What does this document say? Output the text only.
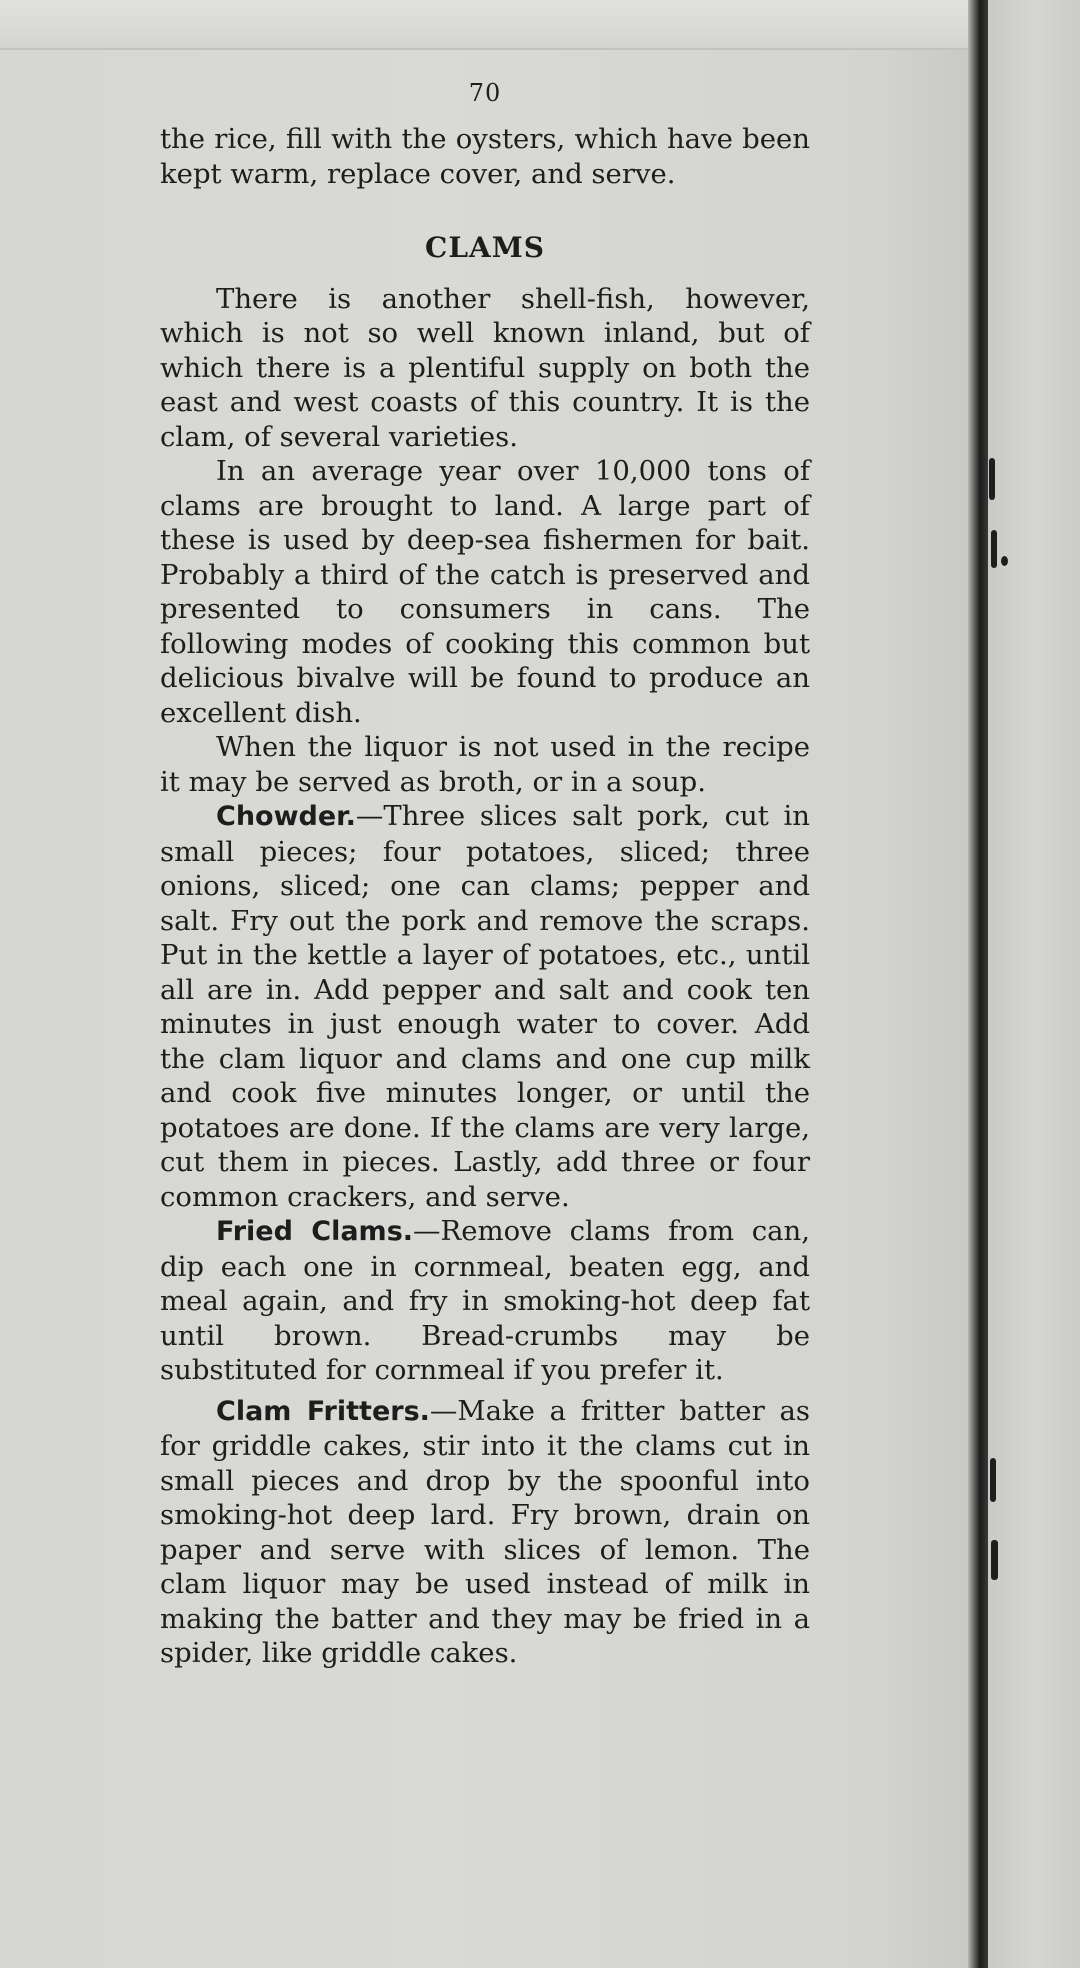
70

the rice, fill with the oysters, which have been kept warm, replace cover, and serve.

CLAMS

There is another shell-fish, however, which is not so well known inland, but of which there is a plentiful supply on both the east and west coasts of this country. It is the clam, of several varieties.

In an average year over 10,000 tons of clams are brought to land. A large part of these is used by deep-sea fishermen for bait. Probably a third of the catch is preserved and presented to consumers in cans. The following modes of cooking this common but delicious bivalve will be found to produce an excellent dish.

When the liquor is not used in the recipe it may be served as broth, or in a soup.

Chowder.—Three slices salt pork, cut in small pieces; four potatoes, sliced; three onions, sliced; one can clams; pepper and salt. Fry out the pork and remove the scraps. Put in the kettle a layer of potatoes, etc., until all are in. Add pepper and salt and cook ten minutes in just enough water to cover. Add the clam liquor and clams and one cup milk and cook five minutes longer, or until the potatoes are done. If the clams are very large, cut them in pieces. Lastly, add three or four common crackers, and serve.

Fried Clams.—Remove clams from can, dip each one in cornmeal, beaten egg, and meal again, and fry in smoking-hot deep fat until brown. Bread-crumbs may be substituted for cornmeal if you prefer it.

Clam Fritters.—Make a fritter batter as for griddle cakes, stir into it the clams cut in small pieces and drop by the spoonful into smoking-hot deep lard. Fry brown, drain on paper and serve with slices of lemon. The clam liquor may be used instead of milk in making the batter and they may be fried in a spider, like griddle cakes.
